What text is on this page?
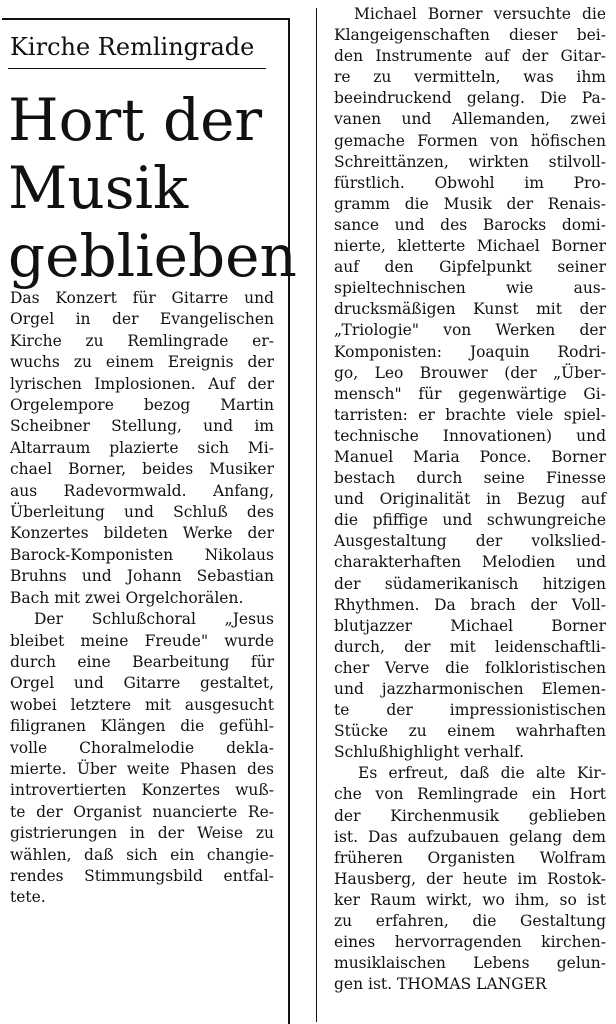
Kirche Remlingrade
Hort der
Musik
geblieben

Das Konzert für Gitarre und
Orgel in der Evangelischen
Kirche zu Remlingrade er-
wuchs zu einem Ereignis der
lyrischen Implosionen. Auf der
Orgelempore bezog Martin
Scheibner Stellung, und im
Altarraum plazierte sich Mi-
chael Borner, beides Musiker
aus Radevormwald. Anfang,
Überleitung und Schluß des
Konzertes bildeten Werke der
Barock-Komponisten Nikolaus
Bruhns und Johann Sebastian
Bach mit zwei Orgelchorälen.

Der Schlußchoral „Jesus
bleibet meine Freude" wurde
durch eine Bearbeitung für
Orgel und Gitarre gestaltet,
wobei letztere mit ausgesucht
filigranen Klängen die gefühl-
volle Choralmelodie dekla-
mierte. Über weite Phasen des
introvertierten Konzertes wuß-
te der Organist nuancierte Re-
gistrierungen in der Weise zu
wählen, daß sich ein changie-
rendes Stimmungsbild entfal-
tete.

Michael Borner versuchte die
Klangeigenschaften dieser bei-
den Instrumente auf der Gitar-
re zu vermitteln, was ihm
beeindruckend gelang. Die Pa-
vanen und Allemanden, zwei
gemache Formen von höfischen
Schreittänzen, wirkten stilvoll-
fürstlich. Obwohl im Pro-
gramm die Musik der Renais-
sance und des Barocks domi-
nierte, kletterte Michael Borner
auf den Gipfelpunkt seiner
spieltechnischen wie aus-
drucksmäßigen Kunst mit der
„Triologie" von Werken der
Komponisten: Joaquin Rodri-
go, Leo Brouwer (der „Über-
mensch" für gegenwärtige Gi-
tarristen: er brachte viele spiel-
technische Innovationen) und
Manuel Maria Ponce. Borner
bestach durch seine Finesse
und Originalität in Bezug auf
die pfiffige und schwungreiche
Ausgestaltung der volkslied-
charakterhaften Melodien und
der südamerikanisch hitzigen
Rhythmen. Da brach der Voll-
blutjazzer Michael Borner
durch, der mit leidenschaftli-
cher Verve die folkloristischen
und jazzharmonischen Elemen-
te der impressionistischen
Stücke zu einem wahrhaften
Schlußhighlight verhalf.

Es erfreut, daß die alte Kir-
che von Remlingrade ein Hort
der Kirchenmusik geblieben
ist. Das aufzubauen gelang dem
früheren Organisten Wolfram
Hausberg, der heute im Rostok-
ker Raum wirkt, wo ihm, so ist
zu erfahren, die Gestaltung
eines hervorragenden kirchen-
musiklaischen Lebens gelun-
gen ist. THOMAS LANGER
